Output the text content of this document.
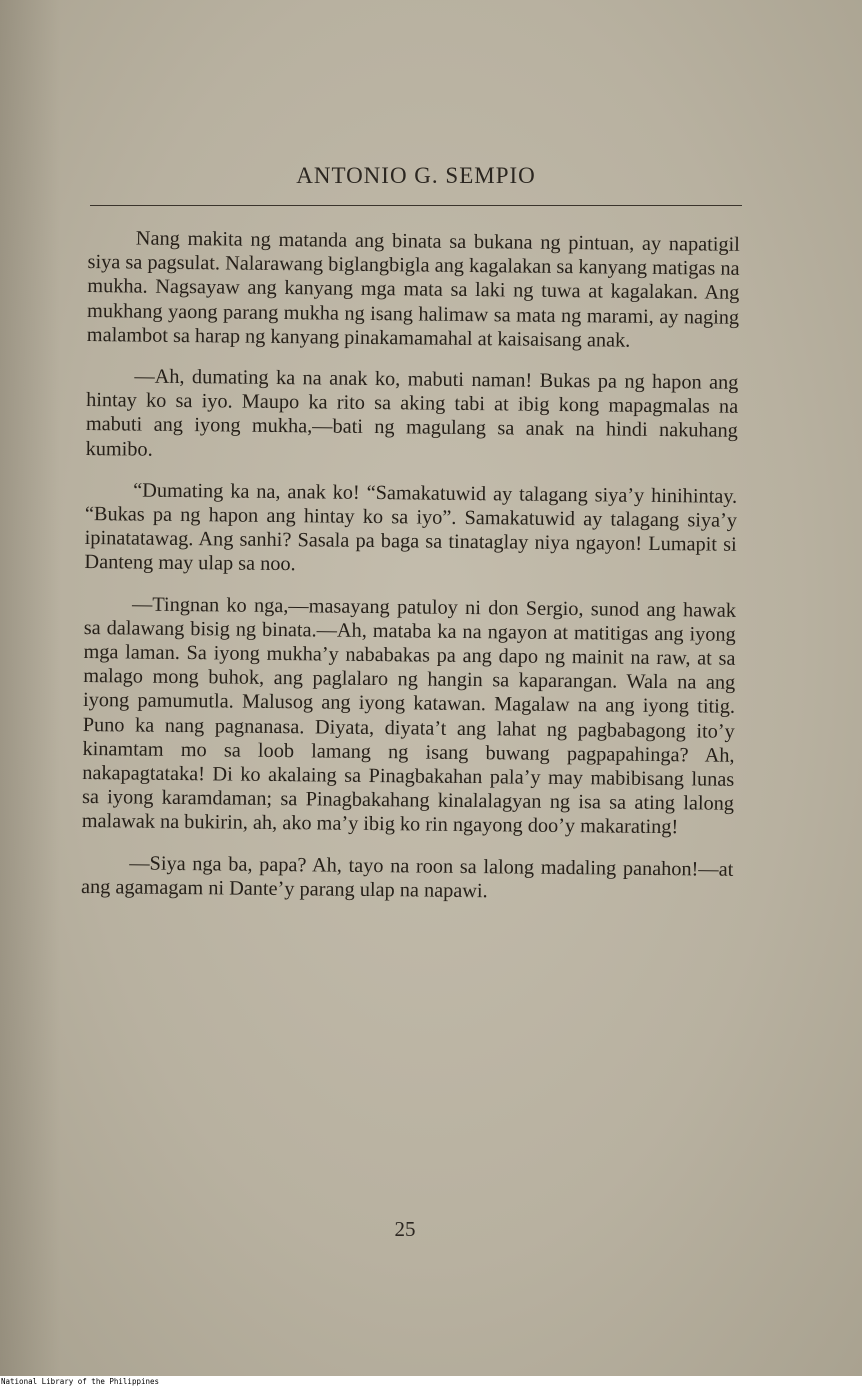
ANTONIO G. SEMPIO

Nang makita ng matanda ang binata sa bukana ng pintuan, ay napatigil siya sa pagsulat. Nalarawang biglangbigla ang kagalakan sa kanyang matigas na mukha. Nagsayaw ang kanyang mga mata sa laki ng tuwa at kagalakan. Ang mukhang yaong parang mukha ng isang halimaw sa mata ng marami, ay naging malambot sa harap ng kanyang pinakamamahal at kaisaisang anak.

—Ah, dumating ka na anak ko, mabuti naman! Bukas pa ng hapon ang hintay ko sa iyo. Maupo ka rito sa aking tabi at ibig kong mapagmalas na mabuti ang iyong mukha,—bati ng magulang sa anak na hindi nakuhang kumibo.

“Dumating ka na, anak ko! “Samakatuwid ay talagang siya’y hinihintay. “Bukas pa ng hapon ang hintay ko sa iyo”. Samakatuwid ay talagang siya’y ipinatatawag. Ang sanhi? Sasala pa baga sa tinataglay niya ngayon! Lumapit si Danteng may ulap sa noo.

—Tingnan ko nga,—masayang patuloy ni don Sergio, sunod ang hawak sa dalawang bisig ng binata.—Ah, mataba ka na ngayon at matitigas ang iyong mga laman. Sa iyong mukha’y nababakas pa ang dapo ng mainit na raw, at sa malago mong buhok, ang paglalaro ng hangin sa kaparangan. Wala na ang iyong pamumutla. Malusog ang iyong katawan. Magalaw na ang iyong titig. Puno ka nang pagnanasa. Diyata, diyata’t ang lahat ng pagbabagong ito’y kinamtam mo sa loob lamang ng isang buwang pagpapahinga? Ah, nakapagtataka! Di ko akalaing sa Pinagbakahan pala’y may mabibisang lunas sa iyong karamdaman; sa Pinagbakahang kinalalagyan ng isa sa ating lalong malawak na bukirin, ah, ako ma’y ibig ko rin ngayong doo’y makarating!

—Siya nga ba, papa? Ah, tayo na roon sa lalong madaling panahon!—at ang agamagam ni Dante’y parang ulap na napawi.

25
National Library of the Philippines
